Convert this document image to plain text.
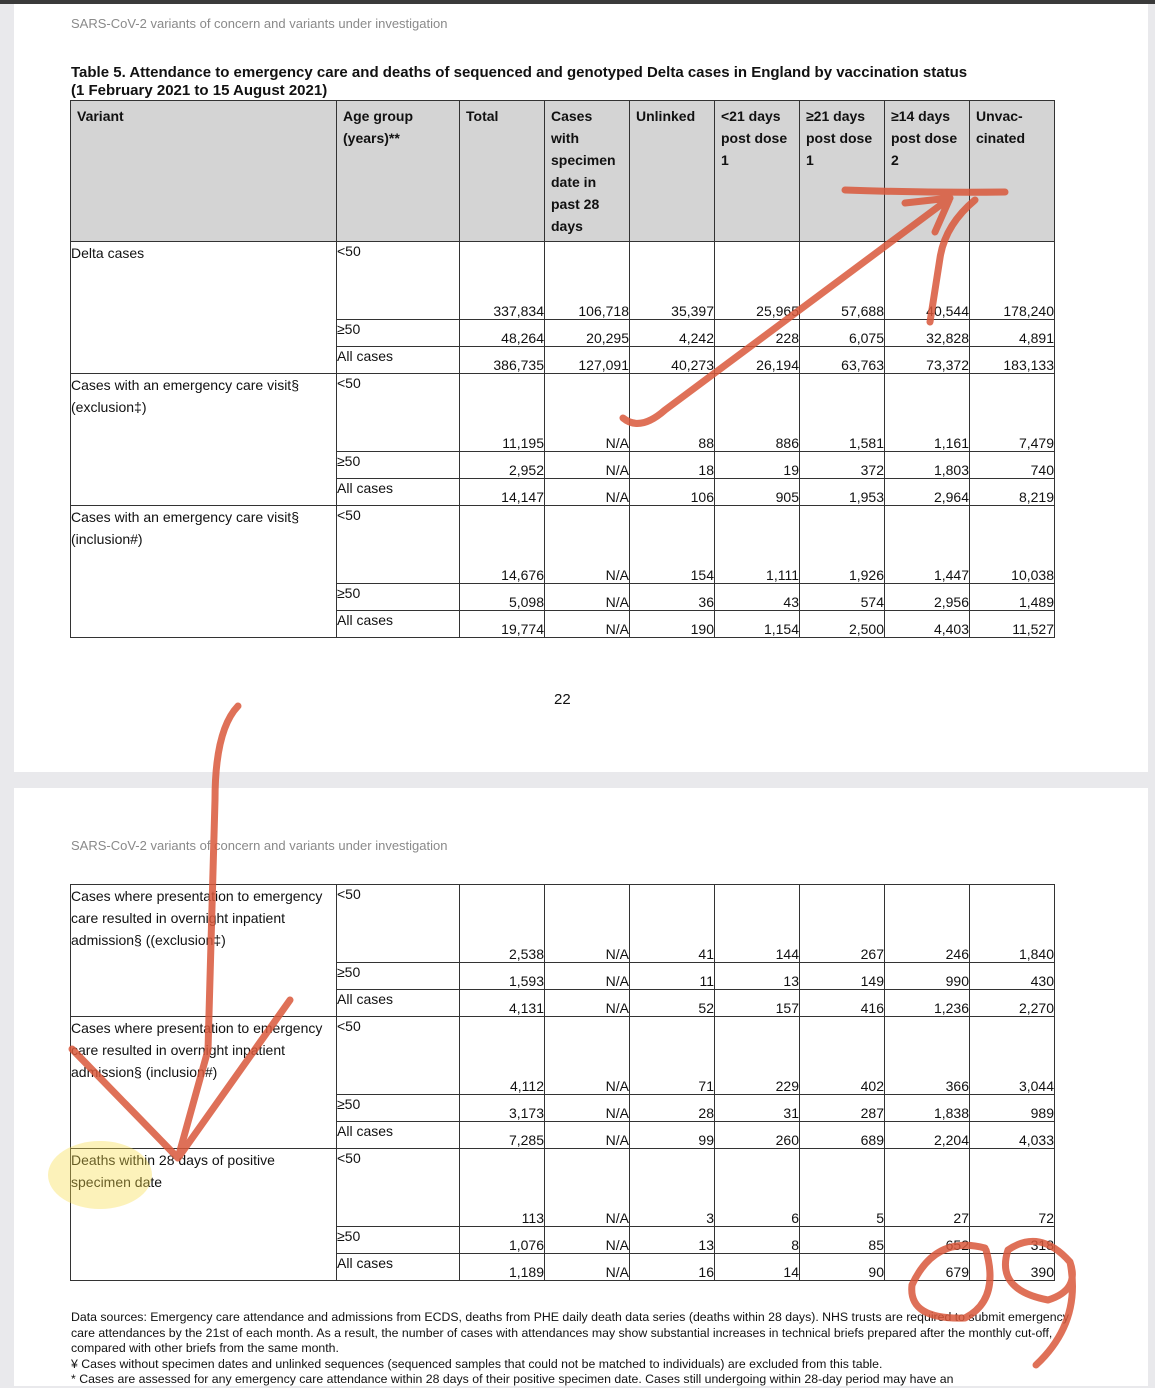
SARS-CoV-2 variants of concern and variants under investigation
Table 5. Attendance to emergency care and deaths of sequenced and genotyped Delta cases in England by vaccination status
(1 February 2021 to 15 August 2021)
Variant	Age group (years)**	Total	Cases with specimen date in past 28 days	Unlinked	<21 days post dose 1	≥21 days post dose 1	≥14 days post dose 2	Unvac-cinated
Delta cases	<50	337,834	106,718	35,397	25,965	57,688	40,544	178,240
	≥50	48,264	20,295	4,242	228	6,075	32,828	4,891
	All cases	386,735	127,091	40,273	26,194	63,763	73,372	183,133
Cases with an emergency care visit§ (exclusion‡)	<50	11,195	N/A	88	886	1,581	1,161	7,479
	≥50	2,952	N/A	18	19	372	1,803	740
	All cases	14,147	N/A	106	905	1,953	2,964	8,219
Cases with an emergency care visit§ (inclusion#)	<50	14,676	N/A	154	1,111	1,926	1,447	10,038
	≥50	5,098	N/A	36	43	574	2,956	1,489
	All cases	19,774	N/A	190	1,154	2,500	4,403	11,527
22
SARS-CoV-2 variants of concern and variants under investigation
Cases where presentation to emergency care resulted in overnight inpatient admission§ ((exclusion‡)	<50	2,538	N/A	41	144	267	246	1,840
	≥50	1,593	N/A	11	13	149	990	430
	All cases	4,131	N/A	52	157	416	1,236	2,270
Cases where presentation to emergency care resulted in overnight inpatient admission§ (inclusion#)	<50	4,112	N/A	71	229	402	366	3,044
	≥50	3,173	N/A	28	31	287	1,838	989
	All cases	7,285	N/A	99	260	689	2,204	4,033
Deaths within 28 days of positive specimen date	<50	113	N/A	3	6	5	27	72
	≥50	1,076	N/A	13	8	85	652	318
	All cases	1,189	N/A	16	14	90	679	390

Data sources: Emergency care attendance and admissions from ECDS, deaths from PHE daily death data series (deaths within 28 days). NHS trusts are required to submit emergency care attendances by the 21st of each month. As a result, the number of cases with attendances may show substantial increases in technical briefs prepared after the monthly cut-off, compared with other briefs from the same month.

¥ Cases without specimen dates and unlinked sequences (sequenced samples that could not be matched to individuals) are excluded from this table.

* Cases are assessed for any emergency care attendance within 28 days of their positive specimen date. Cases still undergoing within 28-day period may have an
